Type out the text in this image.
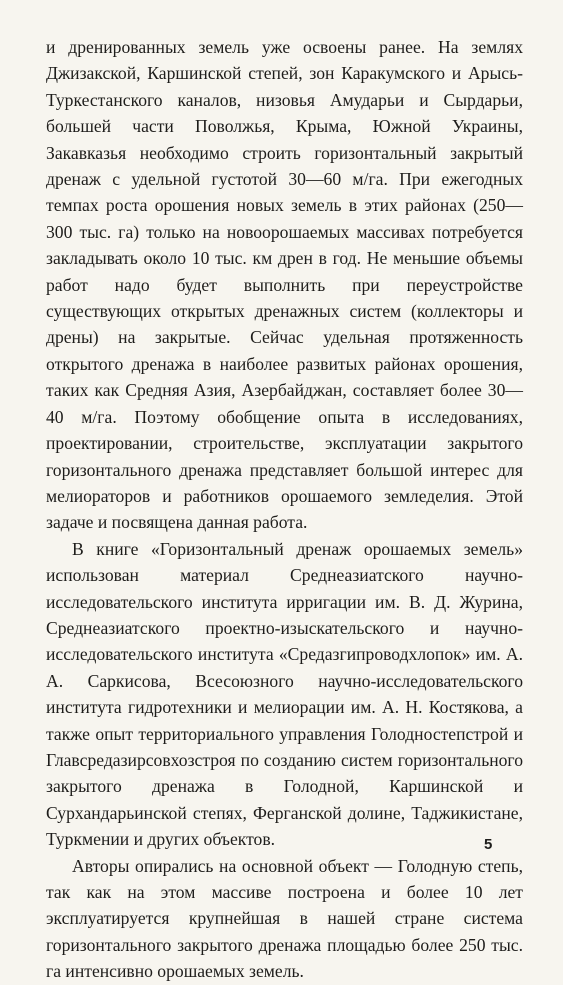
и дренированных земель уже освоены ранее. На землях Джизакской, Каршинской степей, зон Каракумского и Арысь-Туркестанского каналов, низовья Амударьи и Сырдарьи, большей части Поволжья, Крыма, Южной Украины, Закавказья необходимо строить горизонтальный закрытый дренаж с удельной густотой 30—60 м/га. При ежегодных темпах роста орошения новых земель в этих районах (250—300 тыс. га) только на новоорошаемых массивах потребуется закладывать около 10 тыс. км дрен в год. Не меньшие объемы работ надо будет выполнить при переустройстве существующих открытых дренажных систем (коллекторы и дрены) на закрытые. Сейчас удельная протяженность открытого дренажа в наиболее развитых районах орошения, таких как Средняя Азия, Азербайджан, составляет более 30—40 м/га. Поэтому обобщение опыта в исследованиях, проектировании, строительстве, эксплуатации закрытого горизонтального дренажа представляет большой интерес для мелиораторов и работников орошаемого земледелия. Этой задаче и посвящена данная работа.

В книге «Горизонтальный дренаж орошаемых земель» использован материал Среднеазиатского научно-исследовательского института ирригации им. В. Д. Журина, Среднеазиатского проектно-изыскательского и научно-исследовательского института «Средазгипроводхлопок» им. А. А. Саркисова, Всесоюзного научно-исследовательского института гидротехники и мелиорации им. А. Н. Костякова, а также опыт территориального управления Голодностепстрой и Главсредазирсовхозстроя по созданию систем горизонтального закрытого дренажа в Голодной, Каршинской и Сурхандарьинской степях, Ферганской долине, Таджикистане, Туркмении и других объектов.

Авторы опирались на основной объект — Голодную степь, так как на этом массиве построена и более 10 лет эксплуатируется крупнейшая в нашей стране система горизонтального закрытого дренажа площадью более 250 тыс. га интенсивно орошаемых земель.

5
